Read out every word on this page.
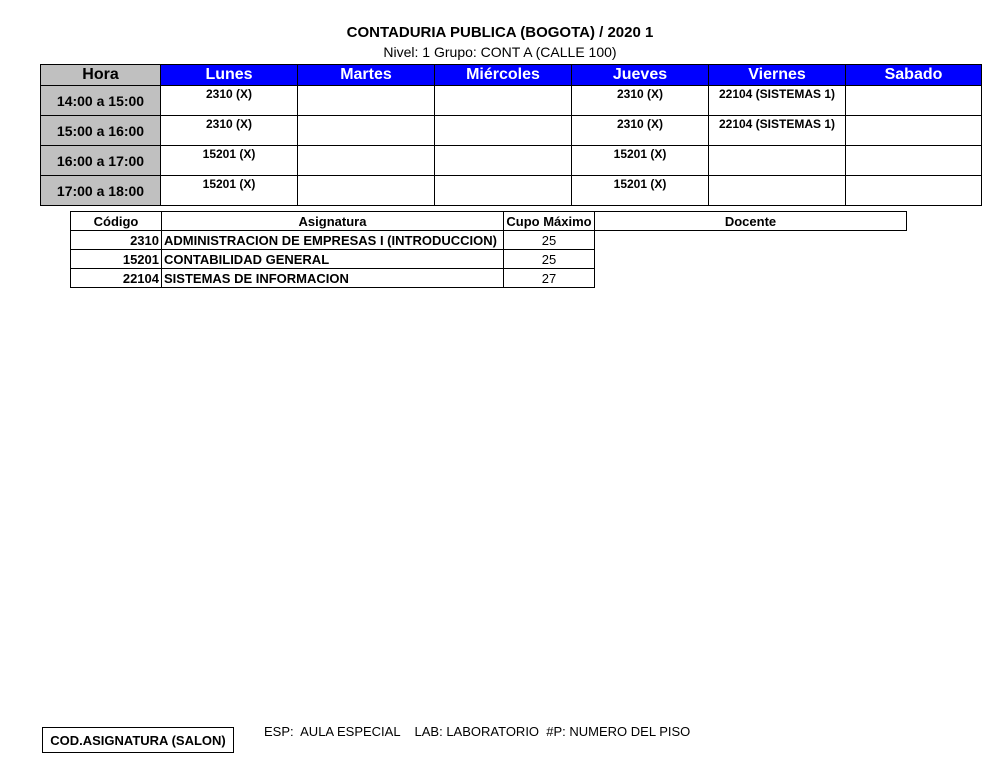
CONTADURIA PUBLICA (BOGOTA) / 2020 1
Nivel: 1 Grupo: CONT A (CALLE 100)
Hora	Lunes	Martes	Miércoles	Jueves	Viernes	Sabado
14:00 a 15:00	2310 (X)			2310 (X)	22104 (SISTEMAS 1)	

15:00 a 16:00	2310 (X)			2310 (X)	22104 (SISTEMAS 1)	

16:00 a 17:00	15201 (X)			15201 (X)		

17:00 a 18:00	15201 (X)			15201 (X)		

Código	Asignatura	Cupo Máximo	Docente
2310	ADMINISTRACION DE EMPRESAS I (INTRODUCCION)	25	
15201	CONTABILIDAD GENERAL	25	
22104	SISTEMAS DE INFORMACION	27	
COD.ASIGNATURA (SALON)
ESP:  AULA ESPECIAL    LAB: LABORATORIO  #P: NUMERO DEL PISO
